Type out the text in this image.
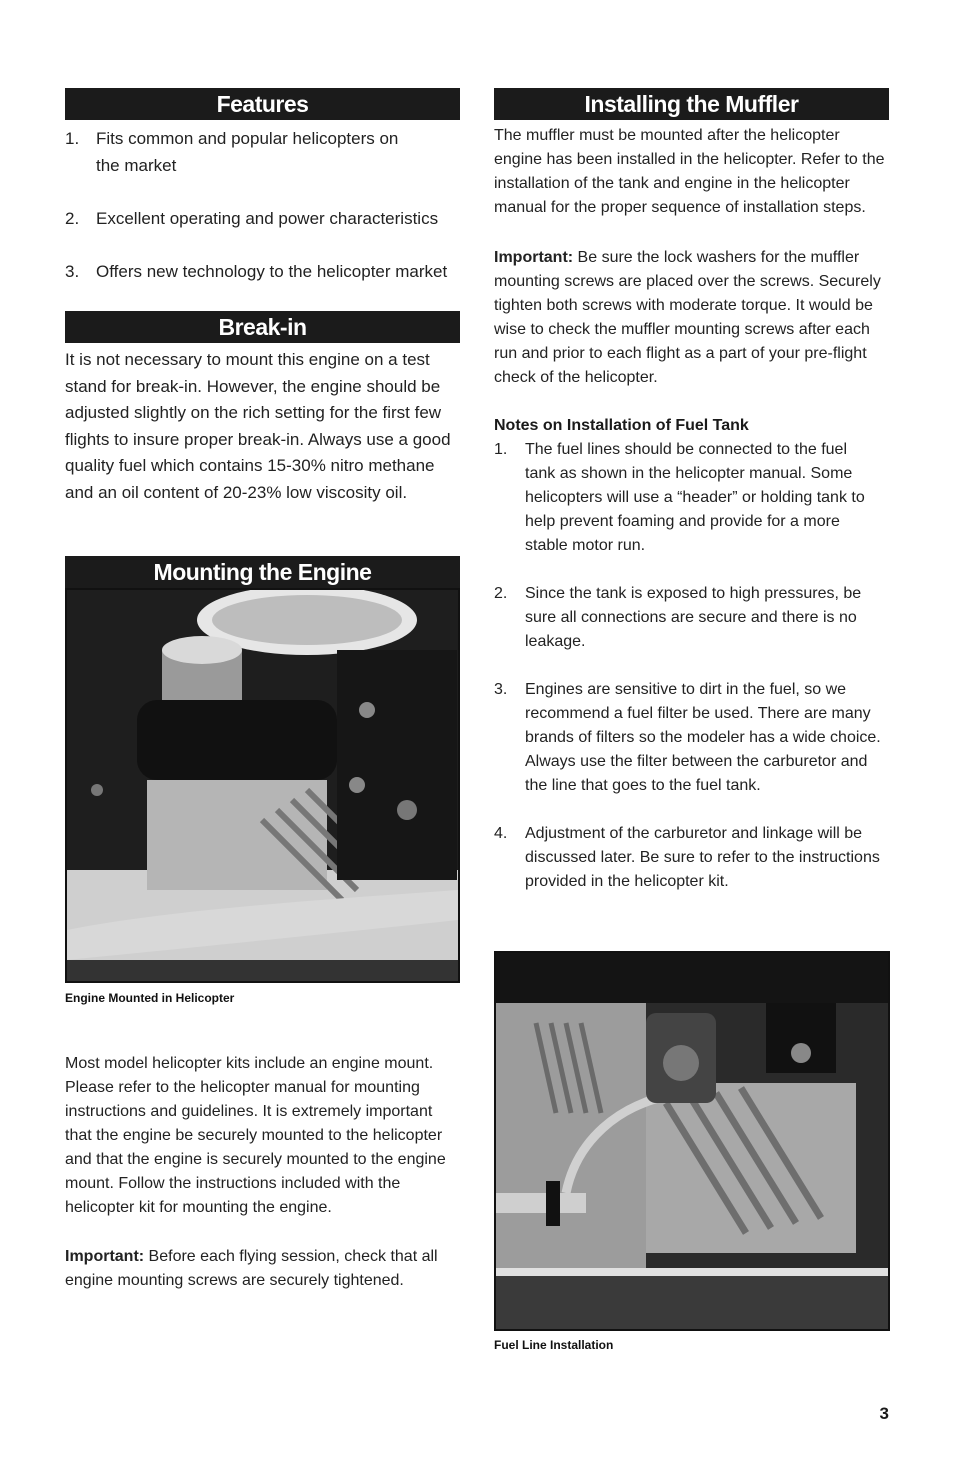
Features
1. Fits common and popular helicopters on the market
2. Excellent operating and power characteristics
3. Offers new technology to the helicopter market
Break-in
It is not necessary to mount this engine on a test stand for break-in. However, the engine should be adjusted slightly on the rich setting for the first few flights to insure proper break-in. Always use a good quality fuel which contains 15-30% nitro methane and an oil content of 20-23% low viscosity oil.
Mounting the Engine
Engine Mounted in Helicopter
Most model helicopter kits include an engine mount. Please refer to the helicopter manual for mounting instructions and guidelines. It is extremely important that the engine be securely mounted to the helicopter and that the engine is securely mounted to the engine mount. Follow the instructions included with the helicopter kit for mounting the engine.
Important: Before each flying session, check that all engine mounting screws are securely tightened.
Installing the Muffler
The muffler must be mounted after the helicopter engine has been installed in the helicopter. Refer to the installation of the tank and engine in the helicopter manual for the proper sequence of installation steps.
Important: Be sure the lock washers for the muffler mounting screws are placed over the screws. Securely tighten both screws with moderate torque. It would be wise to check the muffler mounting screws after each run and prior to each flight as a part of your pre-flight check of the helicopter.
Notes on Installation of Fuel Tank
1. The fuel lines should be connected to the fuel tank as shown in the helicopter manual. Some helicopters will use a “header” or holding tank to help prevent foaming and provide for a more stable motor run.
2. Since the tank is exposed to high pressures, be sure all connections are secure and there is no leakage.
3. Engines are sensitive to dirt in the fuel, so we recommend a fuel filter be used. There are many brands of filters so the modeler has a wide choice. Always use the filter between the carburetor and the line that goes to the fuel tank.
4. Adjustment of the carburetor and linkage will be discussed later. Be sure to refer to the instructions provided in the helicopter kit.
Fuel Line Installation
3
